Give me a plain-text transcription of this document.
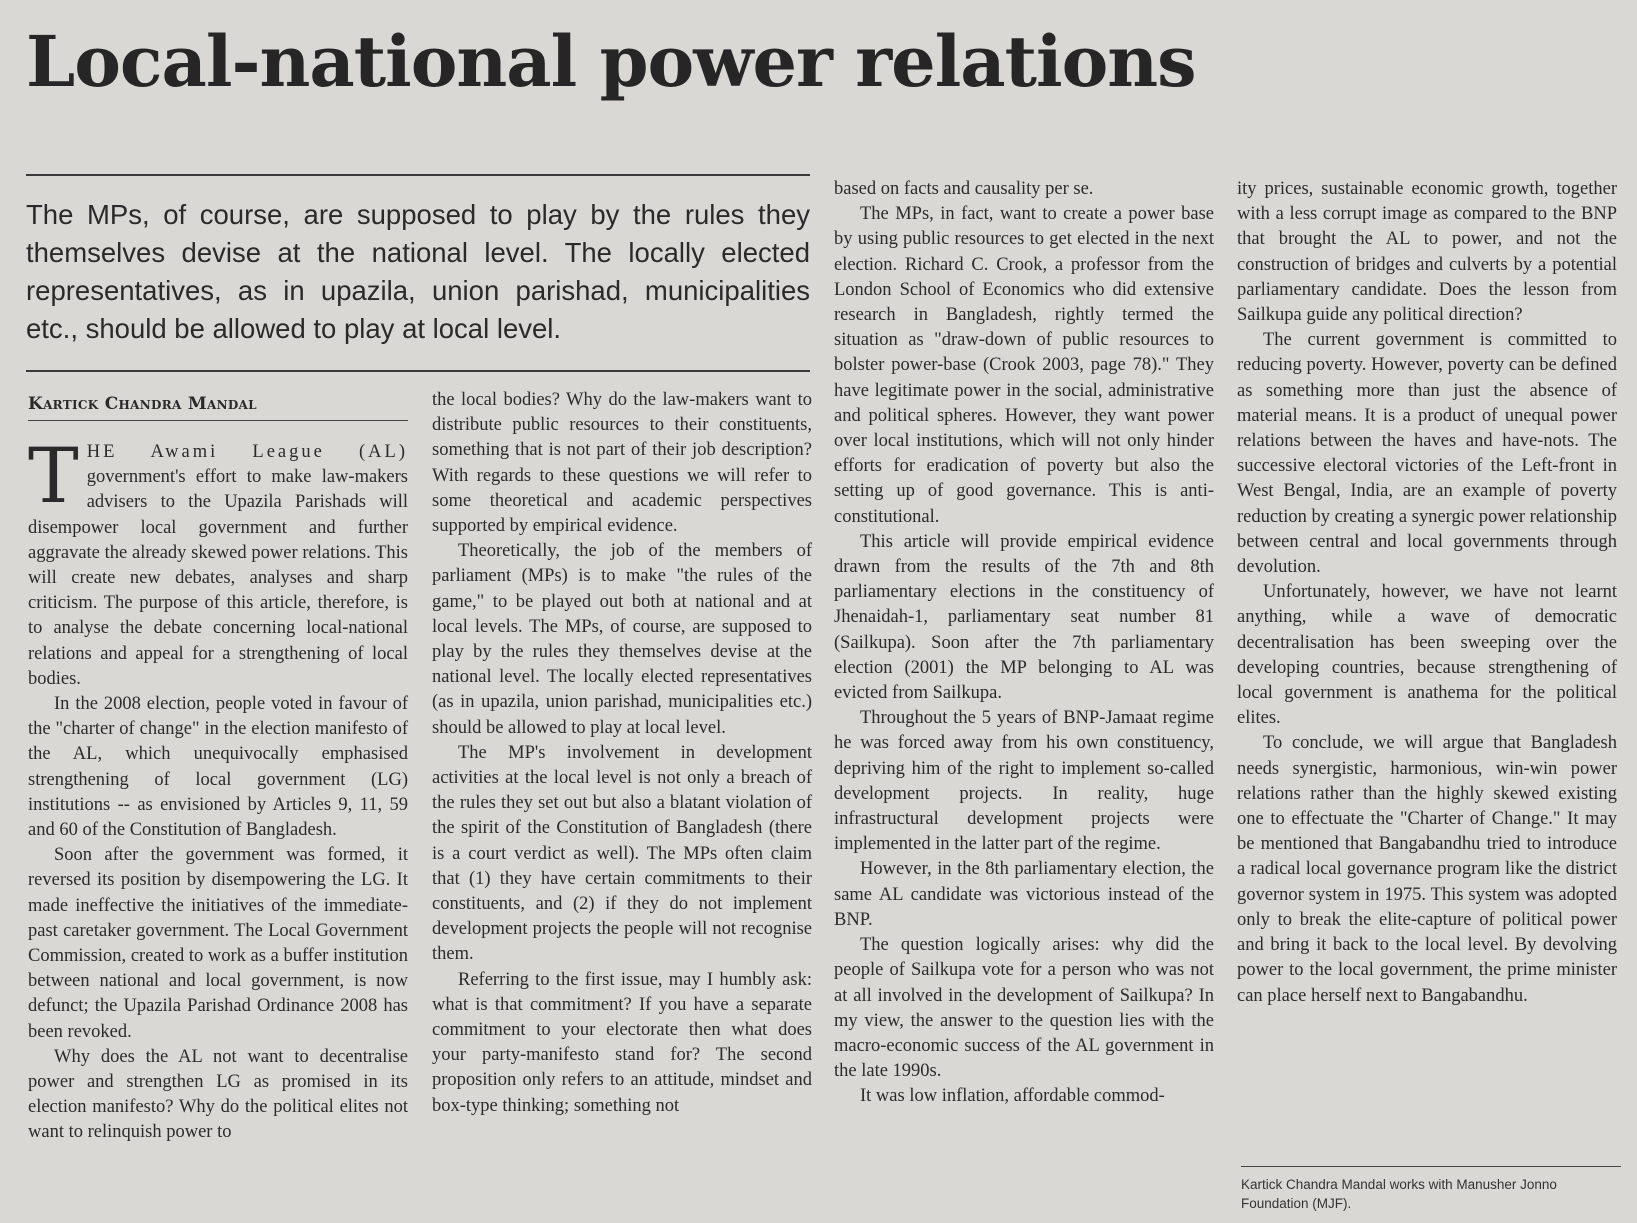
Local-national power relations

The MPs, of course, are supposed to play by the rules they themselves devise at the national level. The locally elected representatives, as in upazila, union parishad, municipalities etc., should be allowed to play at local level.

Kartick Chandra Mandal

THE Awami League (AL) government's effort to make law-makers advisers to the Upazila Parishads will disempower local government and further aggravate the already skewed power relations. This will create new debates, analyses and sharp criticism. The purpose of this article, therefore, is to analyse the debate concerning local-national relations and appeal for a strengthening of local bodies.

In the 2008 election, people voted in favour of the "charter of change" in the election manifesto of the AL, which unequivocally emphasised strengthening of local government (LG) institutions -- as envisioned by Articles 9, 11, 59 and 60 of the Constitution of Bangladesh.

Soon after the government was formed, it reversed its position by disempowering the LG. It made ineffective the initiatives of the immediate-past caretaker government. The Local Government Commission, created to work as a buffer institution between national and local government, is now defunct; the Upazila Parishad Ordinance 2008 has been revoked.

Why does the AL not want to decentralise power and strengthen LG as promised in its election manifesto? Why do the political elites not want to relinquish power to

the local bodies? Why do the law-makers want to distribute public resources to their constituents, something that is not part of their job description? With regards to these questions we will refer to some theoretical and academic perspectives supported by empirical evidence.

Theoretically, the job of the members of parliament (MPs) is to make "the rules of the game," to be played out both at national and at local levels. The MPs, of course, are supposed to play by the rules they themselves devise at the national level. The locally elected representatives (as in upazila, union parishad, municipalities etc.) should be allowed to play at local level.

The MP's involvement in development activities at the local level is not only a breach of the rules they set out but also a blatant violation of the spirit of the Constitution of Bangladesh (there is a court verdict as well). The MPs often claim that (1) they have certain commitments to their constituents, and (2) if they do not implement development projects the people will not recognise them.

Referring to the first issue, may I humbly ask: what is that commitment? If you have a separate commitment to your electorate then what does your party-manifesto stand for? The second proposition only refers to an attitude, mindset and box-type thinking; something not

based on facts and causality per se.

The MPs, in fact, want to create a power base by using public resources to get elected in the next election. Richard C. Crook, a professor from the London School of Economics who did extensive research in Bangladesh, rightly termed the situation as "draw-down of public resources to bolster power-base (Crook 2003, page 78)." They have legitimate power in the social, administrative and political spheres. However, they want power over local institutions, which will not only hinder efforts for eradication of poverty but also the setting up of good governance. This is anti-constitutional.

This article will provide empirical evidence drawn from the results of the 7th and 8th parliamentary elections in the constituency of Jhenaidah-1, parliamentary seat number 81 (Sailkupa). Soon after the 7th parliamentary election (2001) the MP belonging to AL was evicted from Sailkupa.

Throughout the 5 years of BNP-Jamaat regime he was forced away from his own constituency, depriving him of the right to implement so-called development projects. In reality, huge infrastructural development projects were implemented in the latter part of the regime.

However, in the 8th parliamentary election, the same AL candidate was victorious instead of the BNP.

The question logically arises: why did the people of Sailkupa vote for a person who was not at all involved in the development of Sailkupa? In my view, the answer to the question lies with the macro-economic success of the AL government in the late 1990s.

It was low inflation, affordable commod-

ity prices, sustainable economic growth, together with a less corrupt image as compared to the BNP that brought the AL to power, and not the construction of bridges and culverts by a potential parliamentary candidate. Does the lesson from Sailkupa guide any political direction?

The current government is committed to reducing poverty. However, poverty can be defined as something more than just the absence of material means. It is a product of unequal power relations between the haves and have-nots. The successive electoral victories of the Left-front in West Bengal, India, are an example of poverty reduction by creating a synergic power relationship between central and local governments through devolution.

Unfortunately, however, we have not learnt anything, while a wave of democratic decentralisation has been sweeping over the developing countries, because strengthening of local government is anathema for the political elites.

To conclude, we will argue that Bangladesh needs synergistic, harmonious, win-win power relations rather than the highly skewed existing one to effectuate the "Charter of Change." It may be mentioned that Bangabandhu tried to introduce a radical local governance program like the district governor system in 1975. This system was adopted only to break the elite-capture of political power and bring it back to the local level. By devolving power to the local government, the prime minister can place herself next to Bangabandhu.

Kartick Chandra Mandal works with Manusher Jonno Foundation (MJF).
